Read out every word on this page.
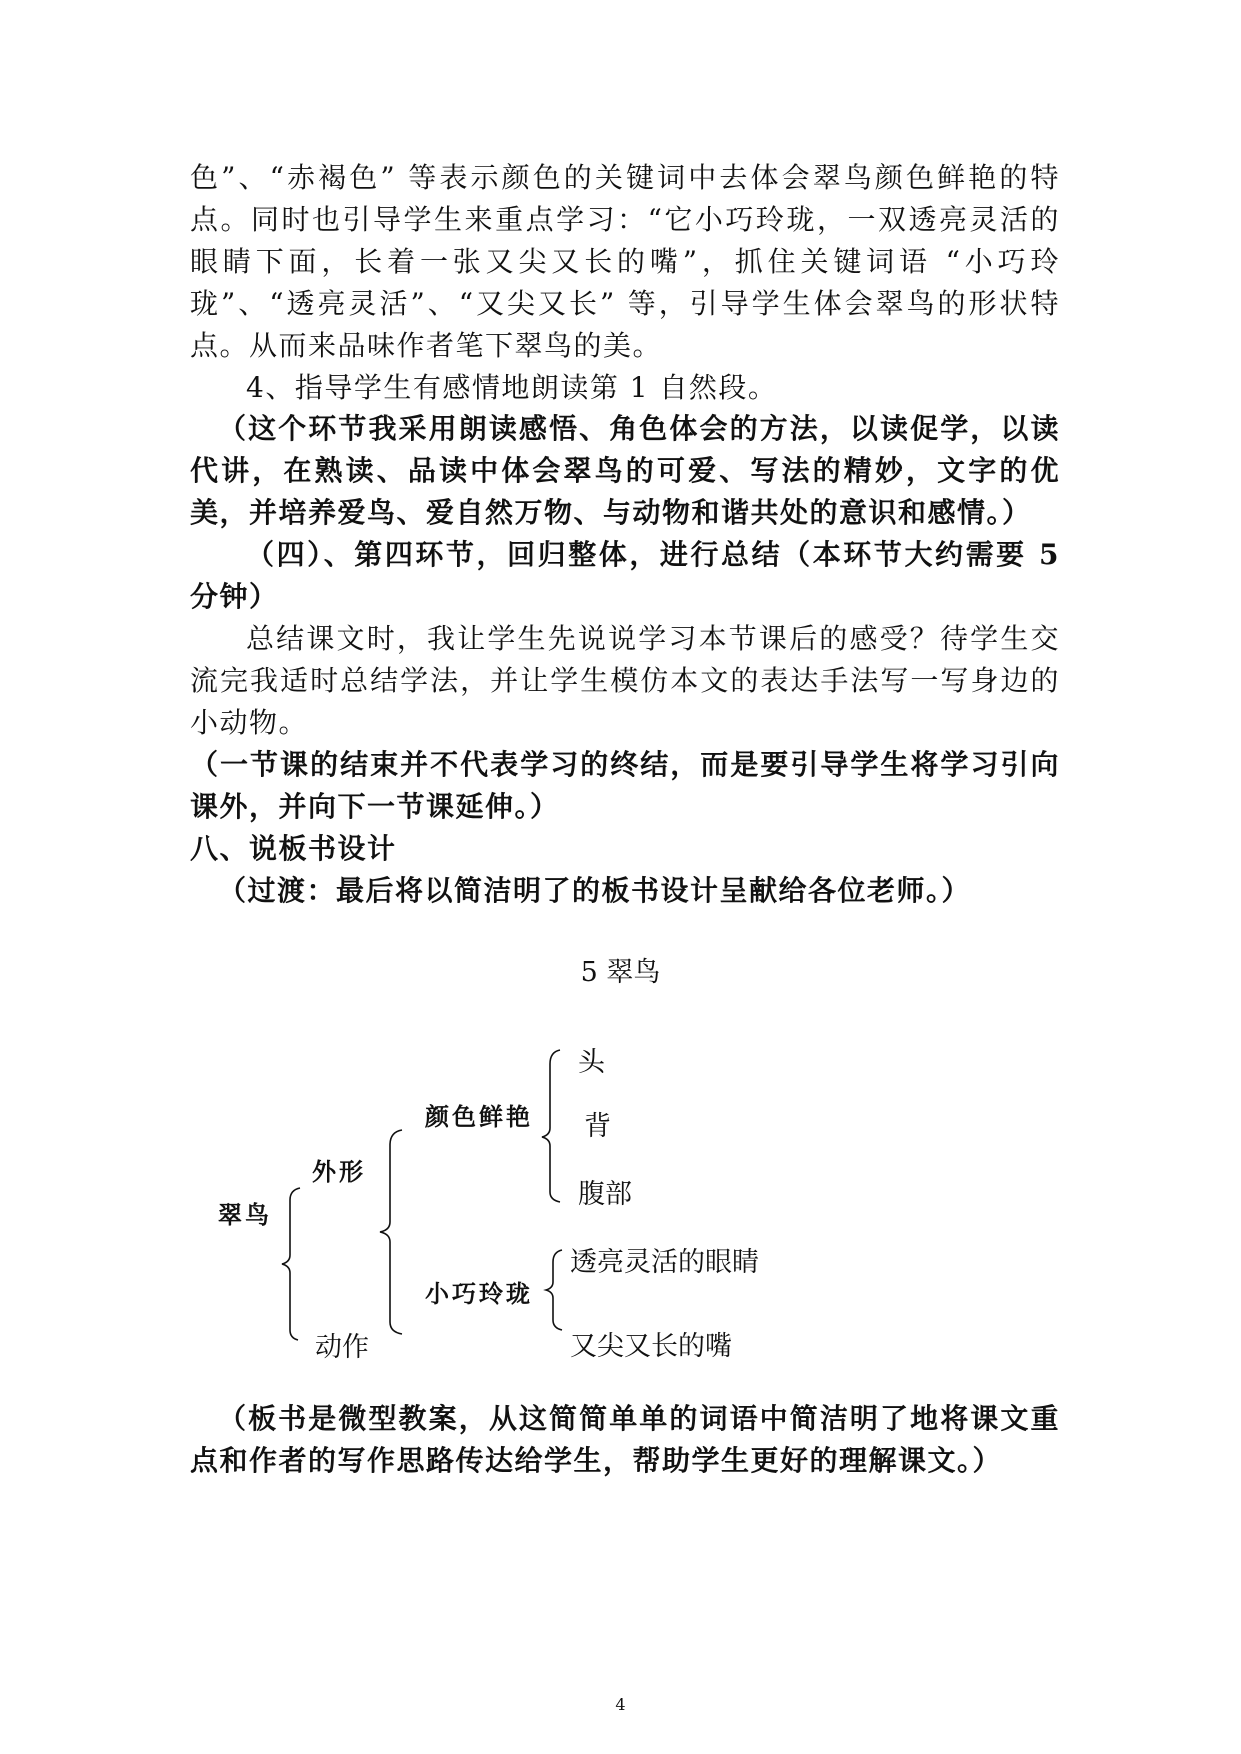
色”、“赤褐色” 等表示颜色的关键词中去体会翠鸟颜色鲜艳的特点。同时也引导学生来重点学习：“它小巧玲珑，一双透亮灵活的眼睛下面，长着一张又尖又长的嘴”，抓住关键词语 “小巧玲珑”、“透亮灵活”、“又尖又长” 等，引导学生体会翠鸟的形状特点。从而来品味作者笔下翠鸟的美。

4、指导学生有感情地朗读第 1 自然段。

（这个环节我采用朗读感悟、角色体会的方法，以读促学，以读代讲，在熟读、品读中体会翠鸟的可爱、写法的精妙，文字的优美，并培养爱鸟、爱自然万物、与动物和谐共处的意识和感情。）

（四）、第四环节，回归整体，进行总结（本环节大约需要 5 分钟）

总结课文时，我让学生先说说学习本节课后的感受？待学生交流完我适时总结学法，并让学生模仿本文的表达手法写一写身边的小动物。

（一节课的结束并不代表学习的终结，而是要引导学生将学习引向课外，并向下一节课延伸。）

八、说板书设计

（过渡：最后将以简洁明了的板书设计呈献给各位老师。）

5 翠鸟

翠鸟

外形

动作

颜色鲜艳

小巧玲珑

头

背

腹部

透亮灵活的眼睛

又尖又长的嘴

（板书是微型教案，从这简简单单的词语中简洁明了地将课文重点和作者的写作思路传达给学生，帮助学生更好的理解课文。）

4
